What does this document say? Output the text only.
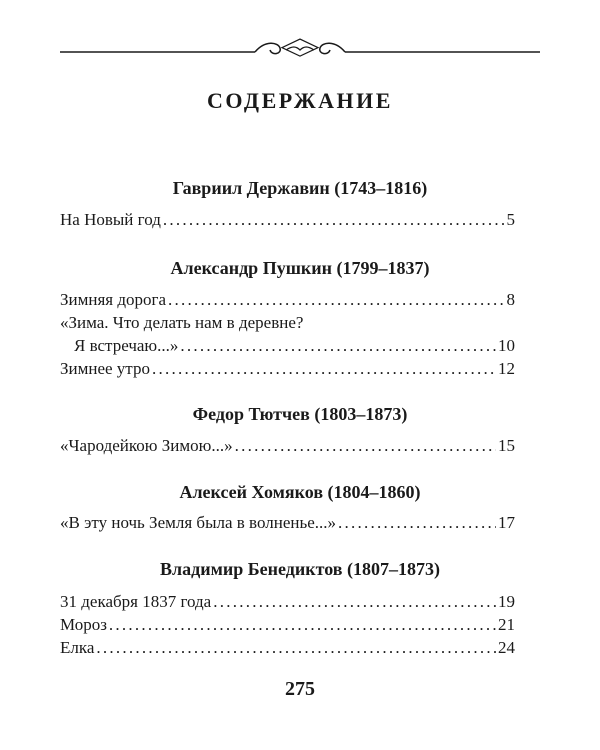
СОДЕРЖАНИЕ
Гавриил Державин (1743–1816)
На Новый год . . .	5
Александр Пушкин (1799–1837)
Зимняя дорога . . .	8
«Зима. Что делать нам в деревне?
Я встречаю...» . . .	10
Зимнее утро . . .	12
Федор Тютчев (1803–1873)
«Чародейкою Зимою...» . . .	15
Алексей Хомяков (1804–1860)
«В эту ночь Земля была в волненье...» . . .	17
Владимир Бенедиктов (1807–1873)
31 декабря 1837 года . . .	19
Мороз . . .	21
Елка . . .	24
275
